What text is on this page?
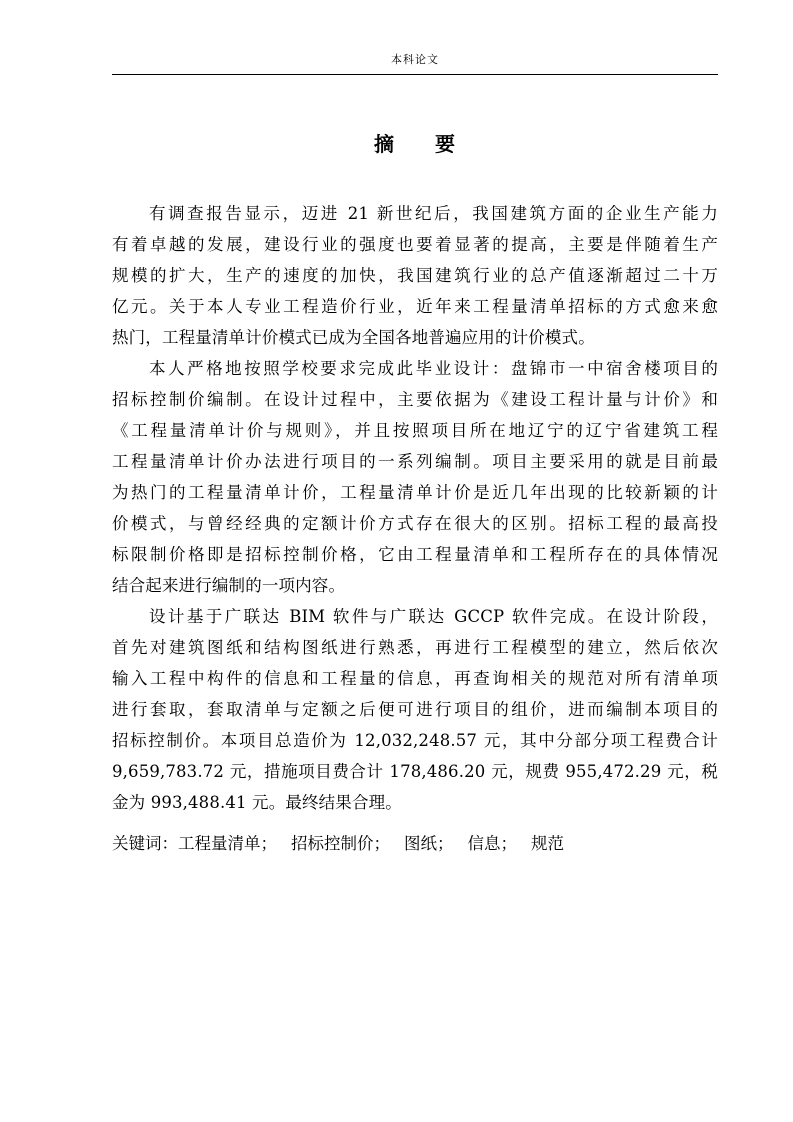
本科论文
摘 要
有调查报告显示，迈进 21 新世纪后，我国建筑方面的企业生产能力
有着卓越的发展，建设行业的强度也要着显著的提高，主要是伴随着生产
规模的扩大，生产的速度的加快，我国建筑行业的总产值逐渐超过二十万
亿元。关于本人专业工程造价行业，近年来工程量清单招标的方式愈来愈
热门，工程量清单计价模式已成为全国各地普遍应用的计价模式。
本人严格地按照学校要求完成此毕业设计：盘锦市一中宿舍楼项目的
招标控制价编制。在设计过程中，主要依据为《建设工程计量与计价》和
《工程量清单计价与规则》，并且按照项目所在地辽宁的辽宁省建筑工程
工程量清单计价办法进行项目的一系列编制。项目主要采用的就是目前最
为热门的工程量清单计价，工程量清单计价是近几年出现的比较新颖的计
价模式，与曾经经典的定额计价方式存在很大的区别。招标工程的最高投
标限制价格即是招标控制价格，它由工程量清单和工程所存在的具体情况
结合起来进行编制的一项内容。
设计基于广联达 BIM 软件与广联达 GCCP 软件完成。在设计阶段，
首先对建筑图纸和结构图纸进行熟悉，再进行工程模型的建立，然后依次
输入工程中构件的信息和工程量的信息，再查询相关的规范对所有清单项
进行套取，套取清单与定额之后便可进行项目的组价，进而编制本项目的
招标控制价。本项目总造价为 12,032,248.57 元，其中分部分项工程费合计
9,659,783.72 元，措施项目费合计 178,486.20 元，规费 955,472.29 元，税
金为 993,488.41 元。最终结果合理。
关键词：工程量清单； 招标控制价； 图纸； 信息； 规范
